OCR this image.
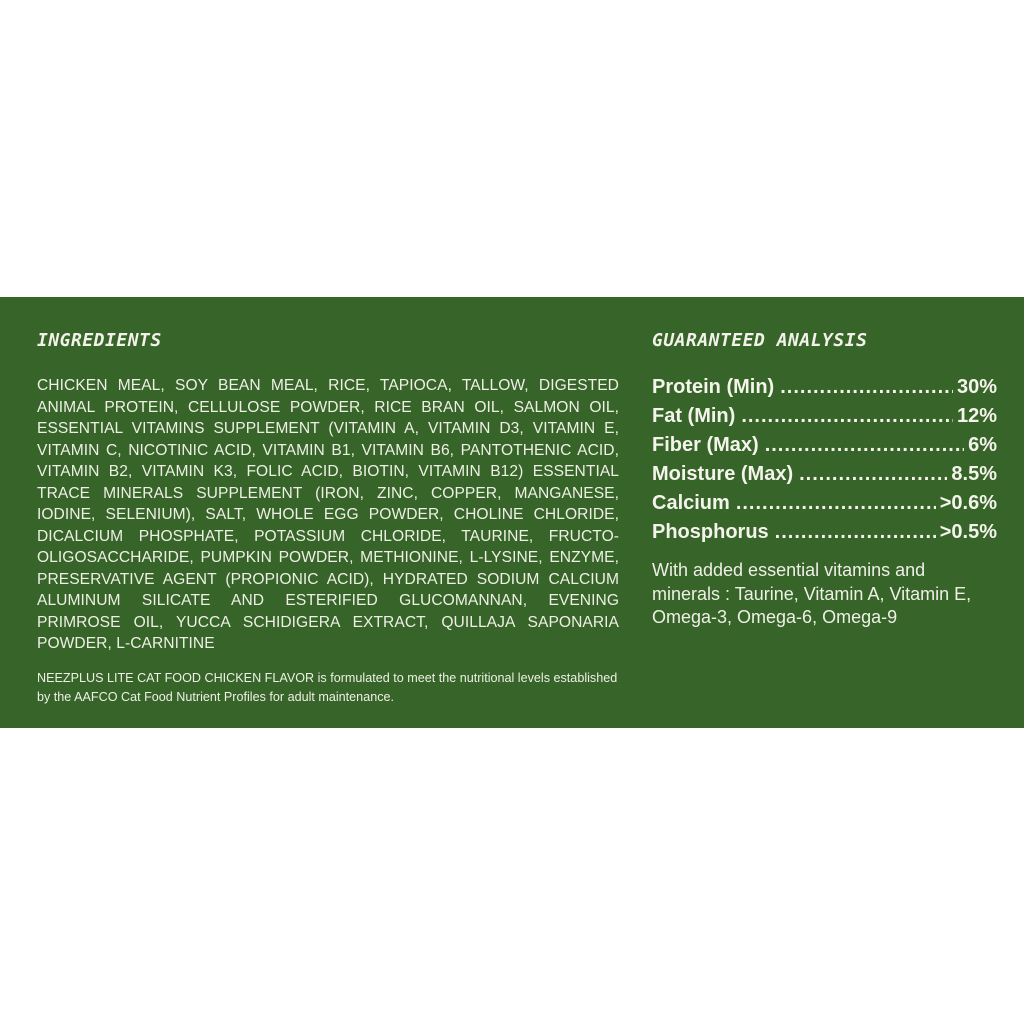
INGREDIENTS

CHICKEN MEAL, SOY BEAN MEAL, RICE, TAPIOCA, TALLOW, DIGESTED ANIMAL PROTEIN, CELLULOSE POWDER, RICE BRAN OIL, SALMON OIL, ESSENTIAL VITAMINS SUPPLEMENT (VITAMIN A, VITAMIN D3, VITAMIN E, VITAMIN C, NICOTINIC ACID, VITAMIN B1, VITAMIN B6, PANTOTHENIC ACID, VITAMIN B2, VITAMIN K3, FOLIC ACID, BIOTIN, VITAMIN B12) ESSENTIAL TRACE MINERALS SUPPLEMENT (IRON, ZINC, COPPER, MANGANESE, IODINE, SELENIUM), SALT, WHOLE EGG POWDER, CHOLINE CHLORIDE, DICALCIUM PHOSPHATE, POTASSIUM CHLORIDE, TAURINE, FRUCTO-OLIGOSACCHARIDE, PUMPKIN POWDER, METHIONINE, L-LYSINE, ENZYME, PRESERVATIVE AGENT (PROPIONIC ACID), HYDRATED SODIUM CALCIUM ALUMINUM SILICATE AND ESTERIFIED GLUCOMANNAN, EVENING PRIMROSE OIL, YUCCA SCHIDIGERA EXTRACT, QUILLAJA SAPONARIA POWDER, L-CARNITINE

NEEZPLUS LITE CAT FOOD CHICKEN FLAVOR is formulated to meet the nutritional levels established by the AAFCO Cat Food Nutrient Profiles for adult maintenance.

GUARANTEED ANALYSIS
Protein (Min) .....	30%
Fat (Min) .....	12%
Fiber (Max) .....	6%
Moisture (Max) .....	8.5%
Calcium .....	>0.6%
Phosphorus .....	>0.5%

With added essential vitamins and minerals : Taurine, Vitamin A, Vitamin E, Omega-3, Omega-6, Omega-9
